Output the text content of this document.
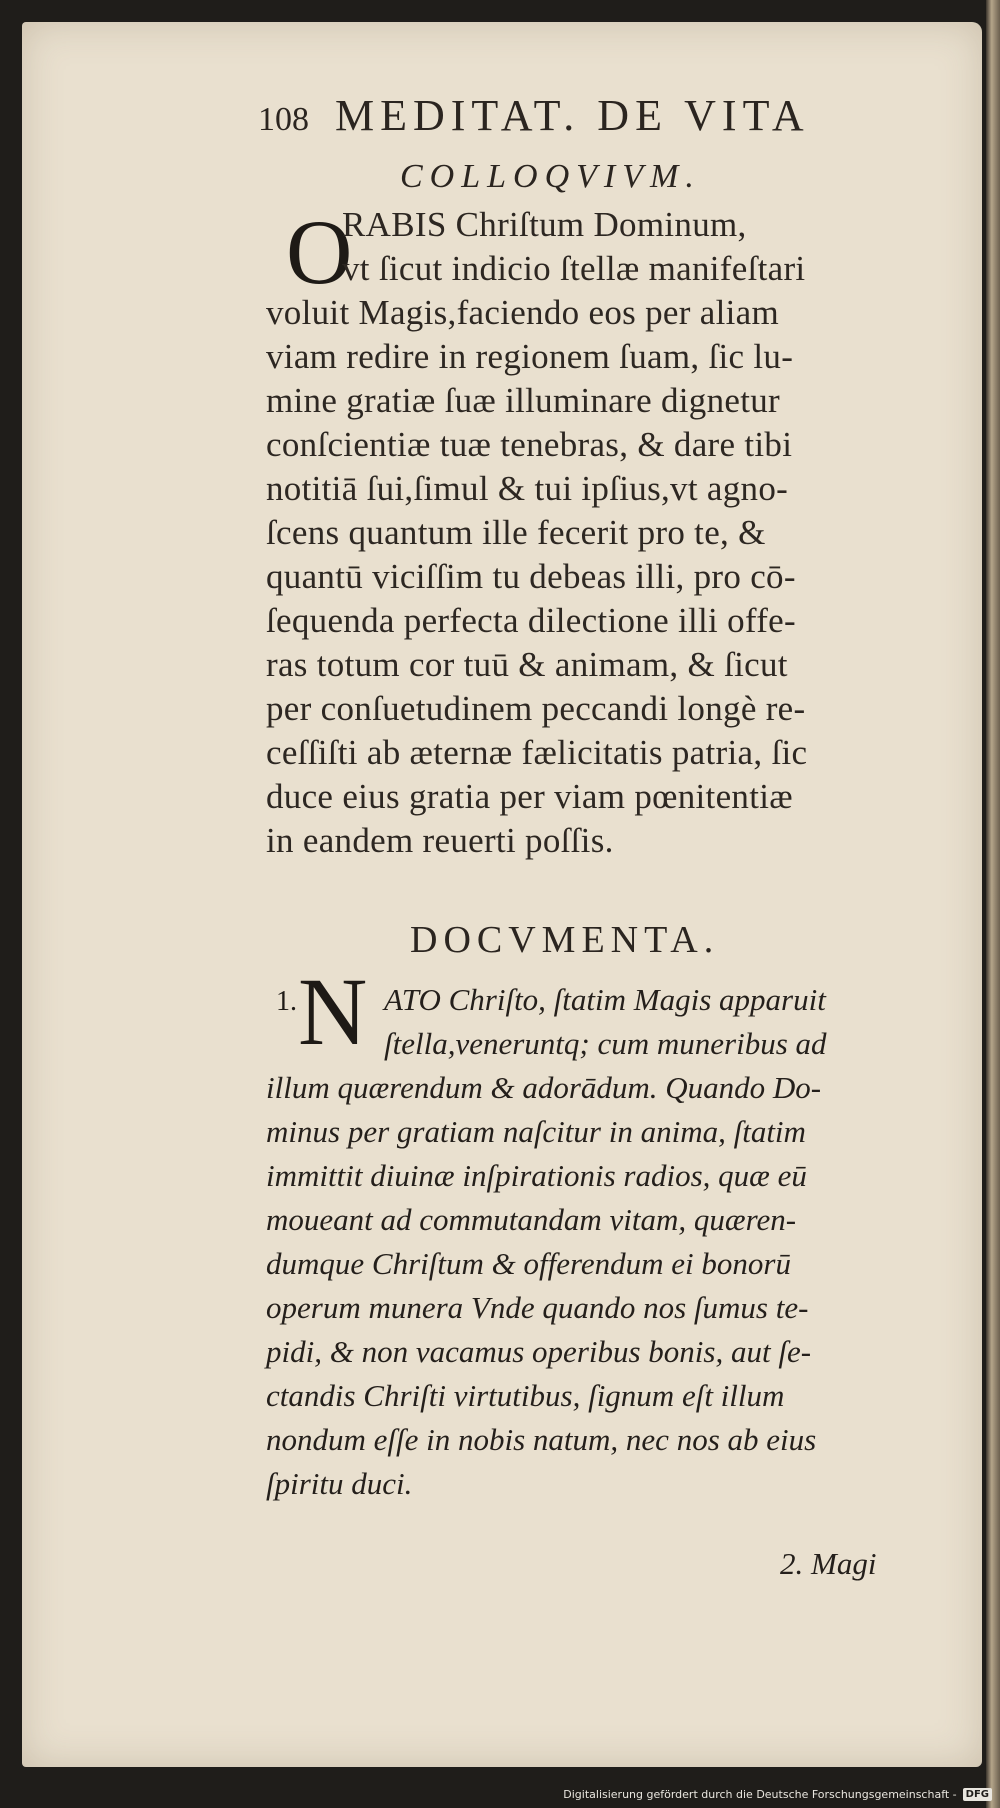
108 MEDITAT. DE VITA
COLLOQVIVM.
O
RABIS Chriſtum Dominum,
vt ſicut indicio ſtellæ manifeſtari
voluit Magis,faciendo eos per aliam
viam redire in regionem ſuam, ſic lu-
mine gratiæ ſuæ illuminare dignetur
conſcientiæ tuæ tenebras, & dare tibi
notitiā ſui,ſimul & tui ipſius,vt agno-
ſcens quantum ille fecerit pro te, &
quantū viciſſim tu debeas illi, pro cō-
ſequenda perfecta dilectione illi offe-
ras totum cor tuū & animam, & ſicut
per conſuetudinem peccandi longè re-
ceſſiſti ab æternæ fælicitatis patria, ſic
duce eius gratia per viam pœnitentiæ
in eandem reuerti poſſis.
DOCVMENTA.
1. N ATO Chriſto, ſtatim Magis apparuit
ſtella,veneruntq; cum muneribus ad
illum quærendum & adorādum. Quando Do-
minus per gratiam naſcitur in anima, ſtatim
immittit diuinæ inſpirationis radios, quæ eū
moueant ad commutandam vitam, quæren-
dumque Chriſtum & offerendum ei bonorū
operum munera Vnde quando nos ſumus te-
pidi, & non vacamus operibus bonis, aut ſe-
ctandis Chriſti virtutibus, ſignum eſt illum
nondum eſſe in nobis natum, nec nos ab eius
ſpiritu duci.
2. Magi
Digitalisierung gefördert durch die Deutsche Forschungsgemeinschaft - DFG
